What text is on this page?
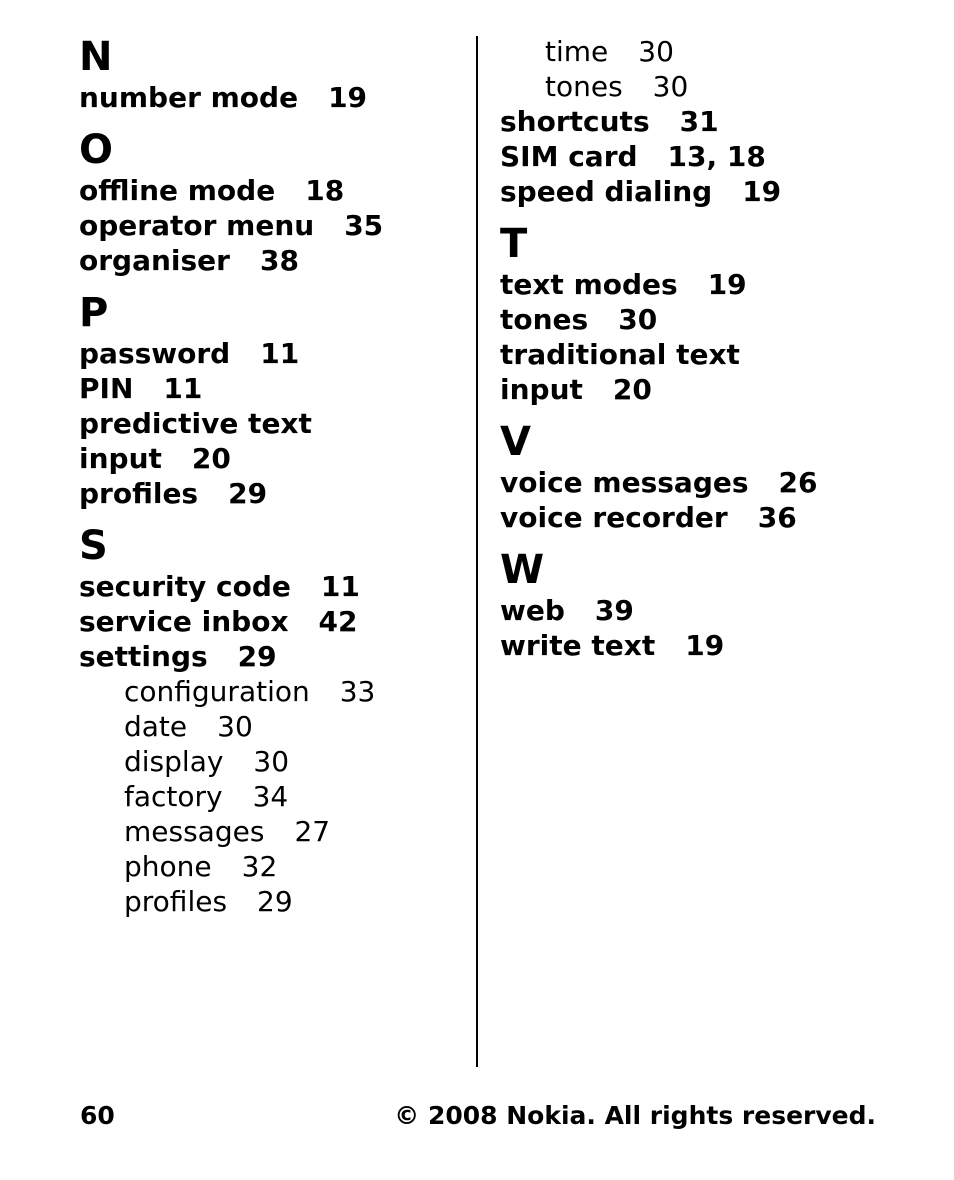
N
number mode 19
O
offline mode 18
operator menu 35
organiser 38
P
password 11
PIN 11
predictive text
input 20
profiles 29
S
security code 11
service inbox 42
settings 29
configuration 33
date 30
display 30
factory 34
messages 27
phone 32
profiles 29
time 30
tones 30
shortcuts 31
SIM card 13, 18
speed dialing 19
T
text modes 19
tones 30
traditional text
input 20
V
voice messages 26
voice recorder 36
W
web 39
write text 19
60	© 2008 Nokia. All rights reserved.
